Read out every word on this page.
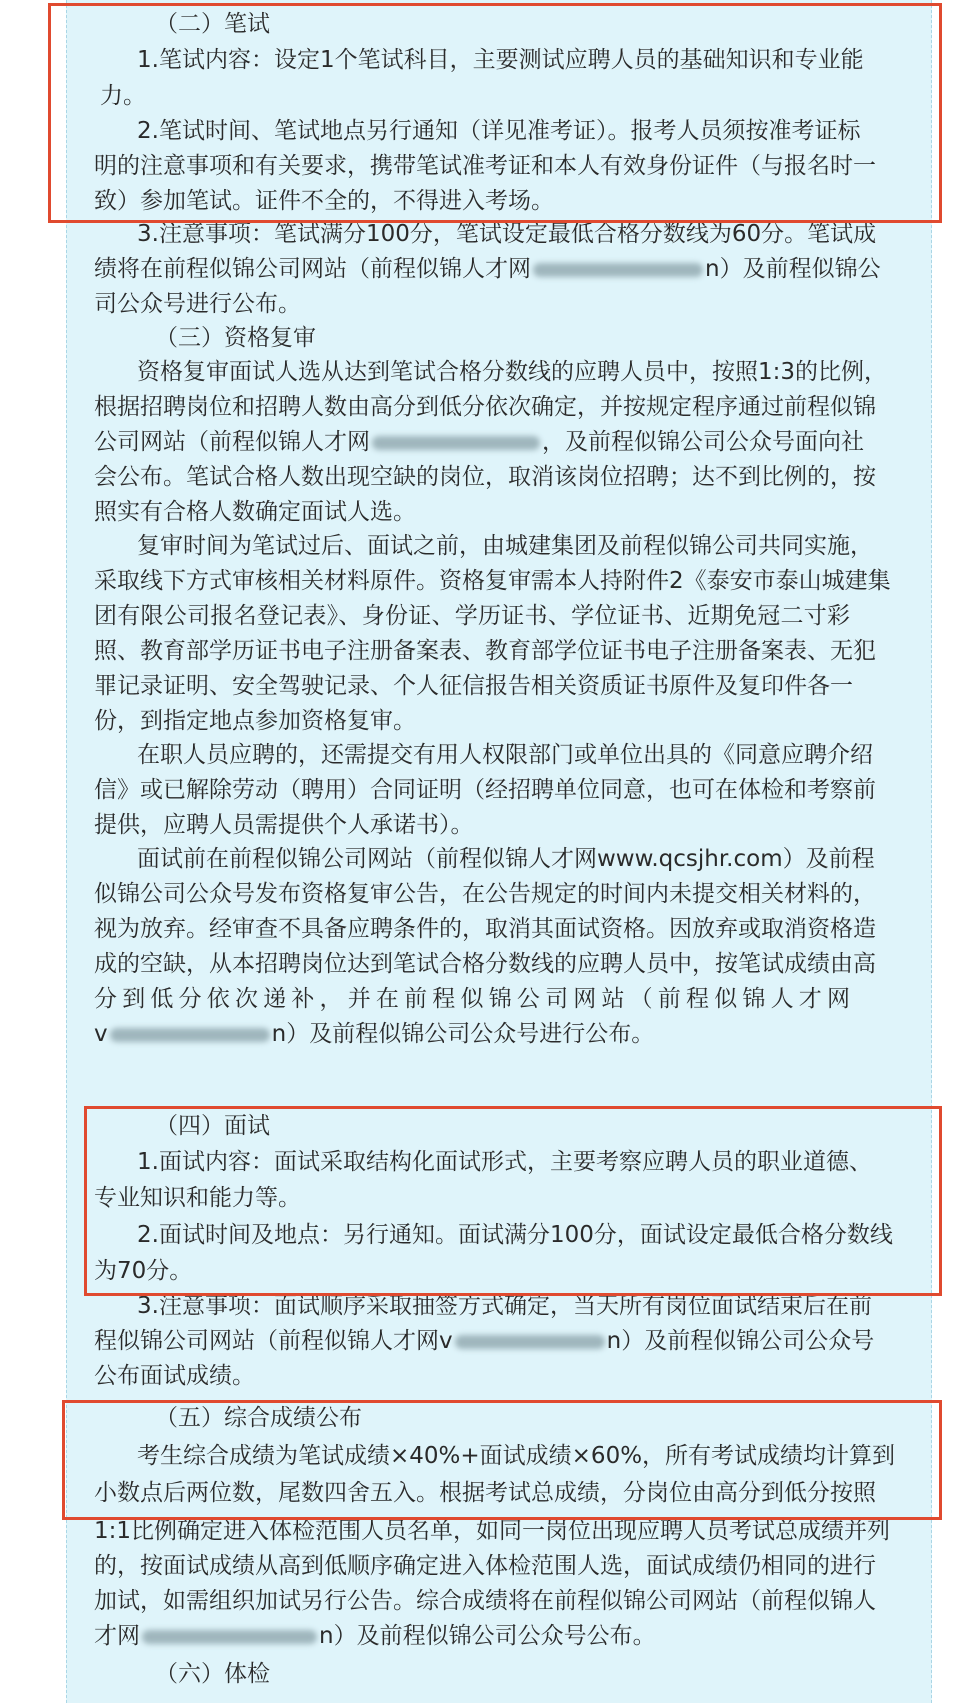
（二）笔试
1.笔试内容：设定1个笔试科目，主要测试应聘人员的基础知识和专业能
力。
2.笔试时间、笔试地点另行通知（详见准考证）。报考人员须按准考证标
明的注意事项和有关要求，携带笔试准考证和本人有效身份证件（与报名时一
致）参加笔试。证件不全的，不得进入考场。
3.注意事项：笔试满分100分，笔试设定最低合格分数线为60分。笔试成
绩将在前程似锦公司网站（前程似锦人才网	n）及前程似锦公
司公众号进行公布。
（三）资格复审
资格复审面试人选从达到笔试合格分数线的应聘人员中，按照1:3的比例，
根据招聘岗位和招聘人数由高分到低分依次确定，并按规定程序通过前程似锦
公司网站（前程似锦人才网	，及前程似锦公司公众号面向社
会公布。笔试合格人数出现空缺的岗位，取消该岗位招聘；达不到比例的，按
照实有合格人数确定面试人选。
复审时间为笔试过后、面试之前，由城建集团及前程似锦公司共同实施，
采取线下方式审核相关材料原件。资格复审需本人持附件2《泰安市泰山城建集
团有限公司报名登记表》、身份证、学历证书、学位证书、近期免冠二寸彩
照、教育部学历证书电子注册备案表、教育部学位证书电子注册备案表、无犯
罪记录证明、安全驾驶记录、个人征信报告相关资质证书原件及复印件各一
份，到指定地点参加资格复审。
在职人员应聘的，还需提交有用人权限部门或单位出具的《同意应聘介绍
信》或已解除劳动（聘用）合同证明（经招聘单位同意，也可在体检和考察前
提供，应聘人员需提供个人承诺书）。
面试前在前程似锦公司网站（前程似锦人才网www.qcsjhr.com）及前程
似锦公司公众号发布资格复审公告，在公告规定的时间内未提交相关材料的，
视为放弃。经审查不具备应聘条件的，取消其面试资格。因放弃或取消资格造
成的空缺，从本招聘岗位达到笔试合格分数线的应聘人员中，按笔试成绩由高
分到低分依次递补，并在前程似锦公司网站（前程似锦人才网
v	n）及前程似锦公司公众号进行公布。
（四）面试
1.面试内容：面试采取结构化面试形式，主要考察应聘人员的职业道德、
专业知识和能力等。
2.面试时间及地点：另行通知。面试满分100分，面试设定最低合格分数线
为70分。
3.注意事项：面试顺序采取抽签方式确定，当天所有岗位面试结束后在前
程似锦公司网站（前程似锦人才网v	n）及前程似锦公司公众号
公布面试成绩。
（五）综合成绩公布
考生综合成绩为笔试成绩×40%+面试成绩×60%，所有考试成绩均计算到
小数点后两位数，尾数四舍五入。根据考试总成绩，分岗位由高分到低分按照
1:1比例确定进入体检范围人员名单，如同一岗位出现应聘人员考试总成绩并列
的，按面试成绩从高到低顺序确定进入体检范围人选，面试成绩仍相同的进行
加试，如需组织加试另行公告。综合成绩将在前程似锦公司网站（前程似锦人
才网	n）及前程似锦公司公众号公布。
（六）体检
